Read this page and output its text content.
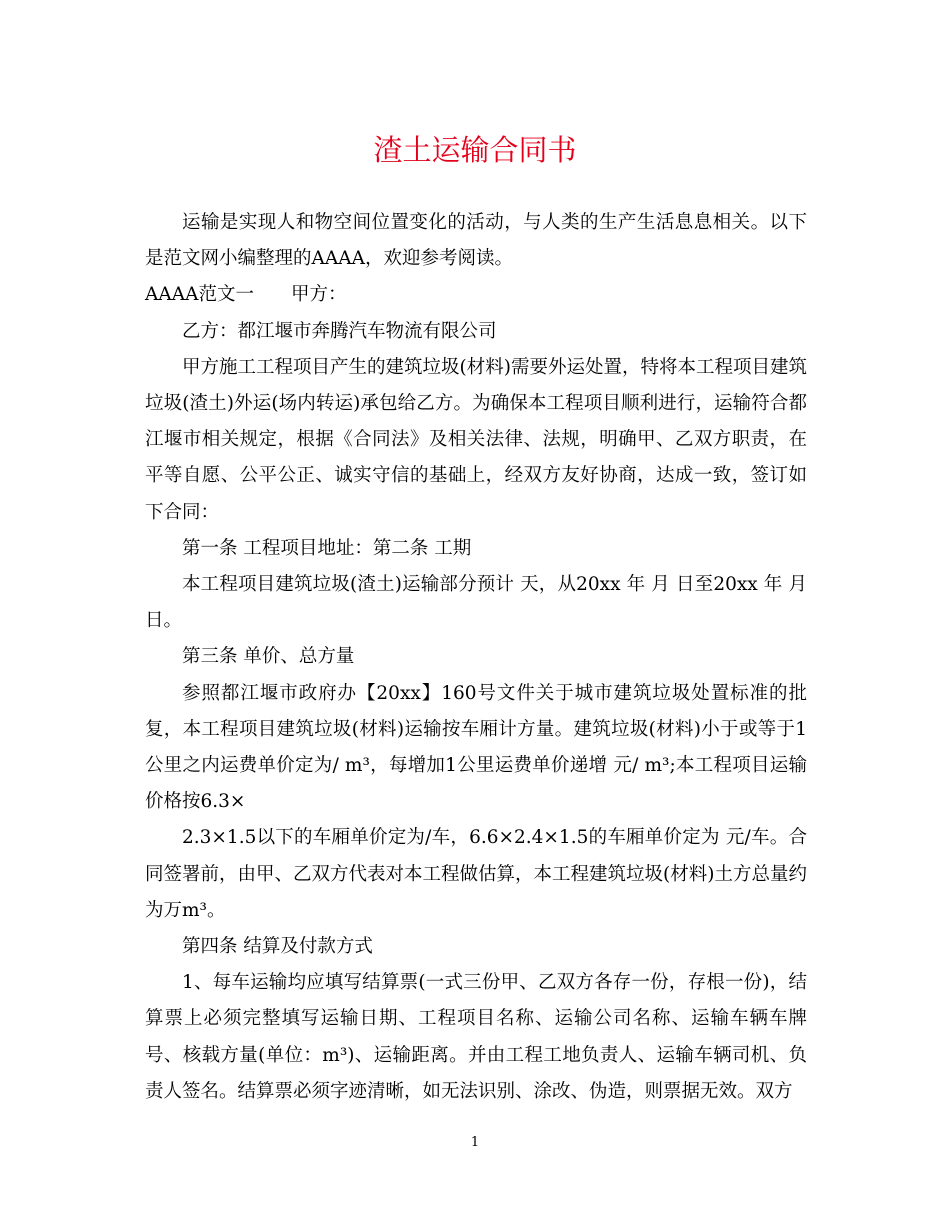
渣土运输合同书

运输是实现人和物空间位置变化的活动，与人类的生产生活息息相关。以下是范文网小编整理的AAAA，欢迎参考阅读。

AAAA范文一　　甲方：

乙方：都江堰市奔腾汽车物流有限公司

甲方施工工程项目产生的建筑垃圾(材料)需要外运处置，特将本工程项目建筑垃圾(渣土)外运(场内转运)承包给乙方。为确保本工程项目顺利进行，运输符合都江堰市相关规定，根据《合同法》及相关法律、法规，明确甲、乙双方职责，在平等自愿、公平公正、诚实守信的基础上，经双方友好协商，达成一致，签订如下合同：

第一条 工程项目地址：第二条 工期

本工程项目建筑垃圾(渣土)运输部分预计 天，从20xx 年 月 日至20xx 年 月 日。

第三条 单价、总方量

参照都江堰市政府办【20xx】160号文件关于城市建筑垃圾处置标准的批复，本工程项目建筑垃圾(材料)运输按车厢计方量。建筑垃圾(材料)小于或等于1公里之内运费单价定为/ m³，每增加1公里运费单价递增 元/ m³;本工程项目运输价格按6.3×

2.3×1.5以下的车厢单价定为/车，6.6×2.4×1.5的车厢单价定为 元/车。合同签署前，由甲、乙双方代表对本工程做估算，本工程建筑垃圾(材料)土方总量约为万m³。

第四条 结算及付款方式

1、每车运输均应填写结算票(一式三份甲、乙双方各存一份，存根一份)，结算票上必须完整填写运输日期、工程项目名称、运输公司名称、运输车辆车牌号、核载方量(单位：m³)、运输距离。并由工程工地负责人、运输车辆司机、负责人签名。结算票必须字迹清晰，如无法识别、涂改、伪造，则票据无效。双方

1
